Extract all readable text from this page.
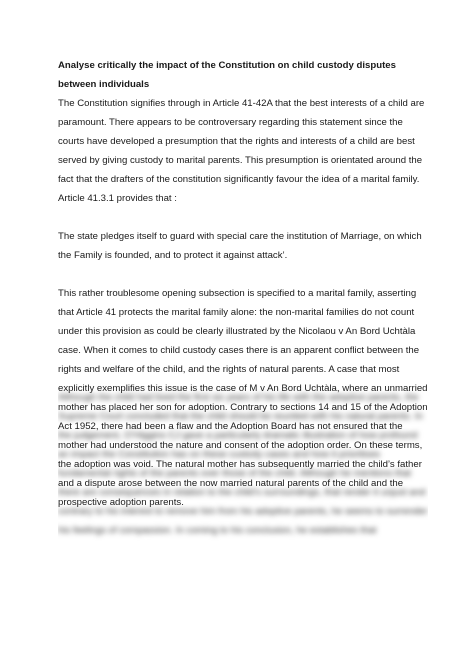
Analyse critically the impact of the Constitution on child custody disputes between individuals

The Constitution signifies through in Article 41-42A that the best interests of a child are paramount. There appears to be controversary regarding this statement since the courts have developed a presumption that the rights and interests of a child are best served by giving custody to marital parents. This presumption is orientated around the fact that the drafters of the constitution significantly favour the idea of a marital family. Article 41.3.1 provides that :

The state pledges itself to guard with special care the institution of Marriage, on which the Family is founded, and to protect it against attack’.

This rather troublesome opening subsection is specified to a marital family, asserting that Article 41 protects the marital family alone: the non-marital families do not count under this provision as could be clearly illustrated by the Nicolaou v An Bord Uchtàla case. When it comes to child custody cases there is an apparent conflict between the rights and welfare of the child, and the rights of natural parents. A case that most explicitly exemplifies this issue is the case of M v An Bord Uchtàla, where an unmarried mother has placed her son for adoption. Contrary to sections 14 and 15 of the Adoption Act 1952, there had been a flaw and the Adoption Board has not ensured that the mother had understood the nature and consent of the adoption order. On these terms, the adoption was void. The natural mother has subsequently married the child’s father and a dispute arose between the now married natural parents of the child and the prospective adoption parents.

Although the child had lived the first six years of his life with the adoptive parents, the Supreme Court concluded that the child should be reunited with his natural parents. In the judgement, O’Higgins CJ gave a particularly dramatic illustration of how profound an impact the Constitution has on these custody cases and how it prioritises fundamental rights of the parents over those of the child. Although he mentions that there are consequences in relation to the child’s surroundings, that render it unjust and contrary to his interest to remove him from his adoptive parents, he seems to surrender his feelings of compassion. In coming to his conclusion, he establishes that
